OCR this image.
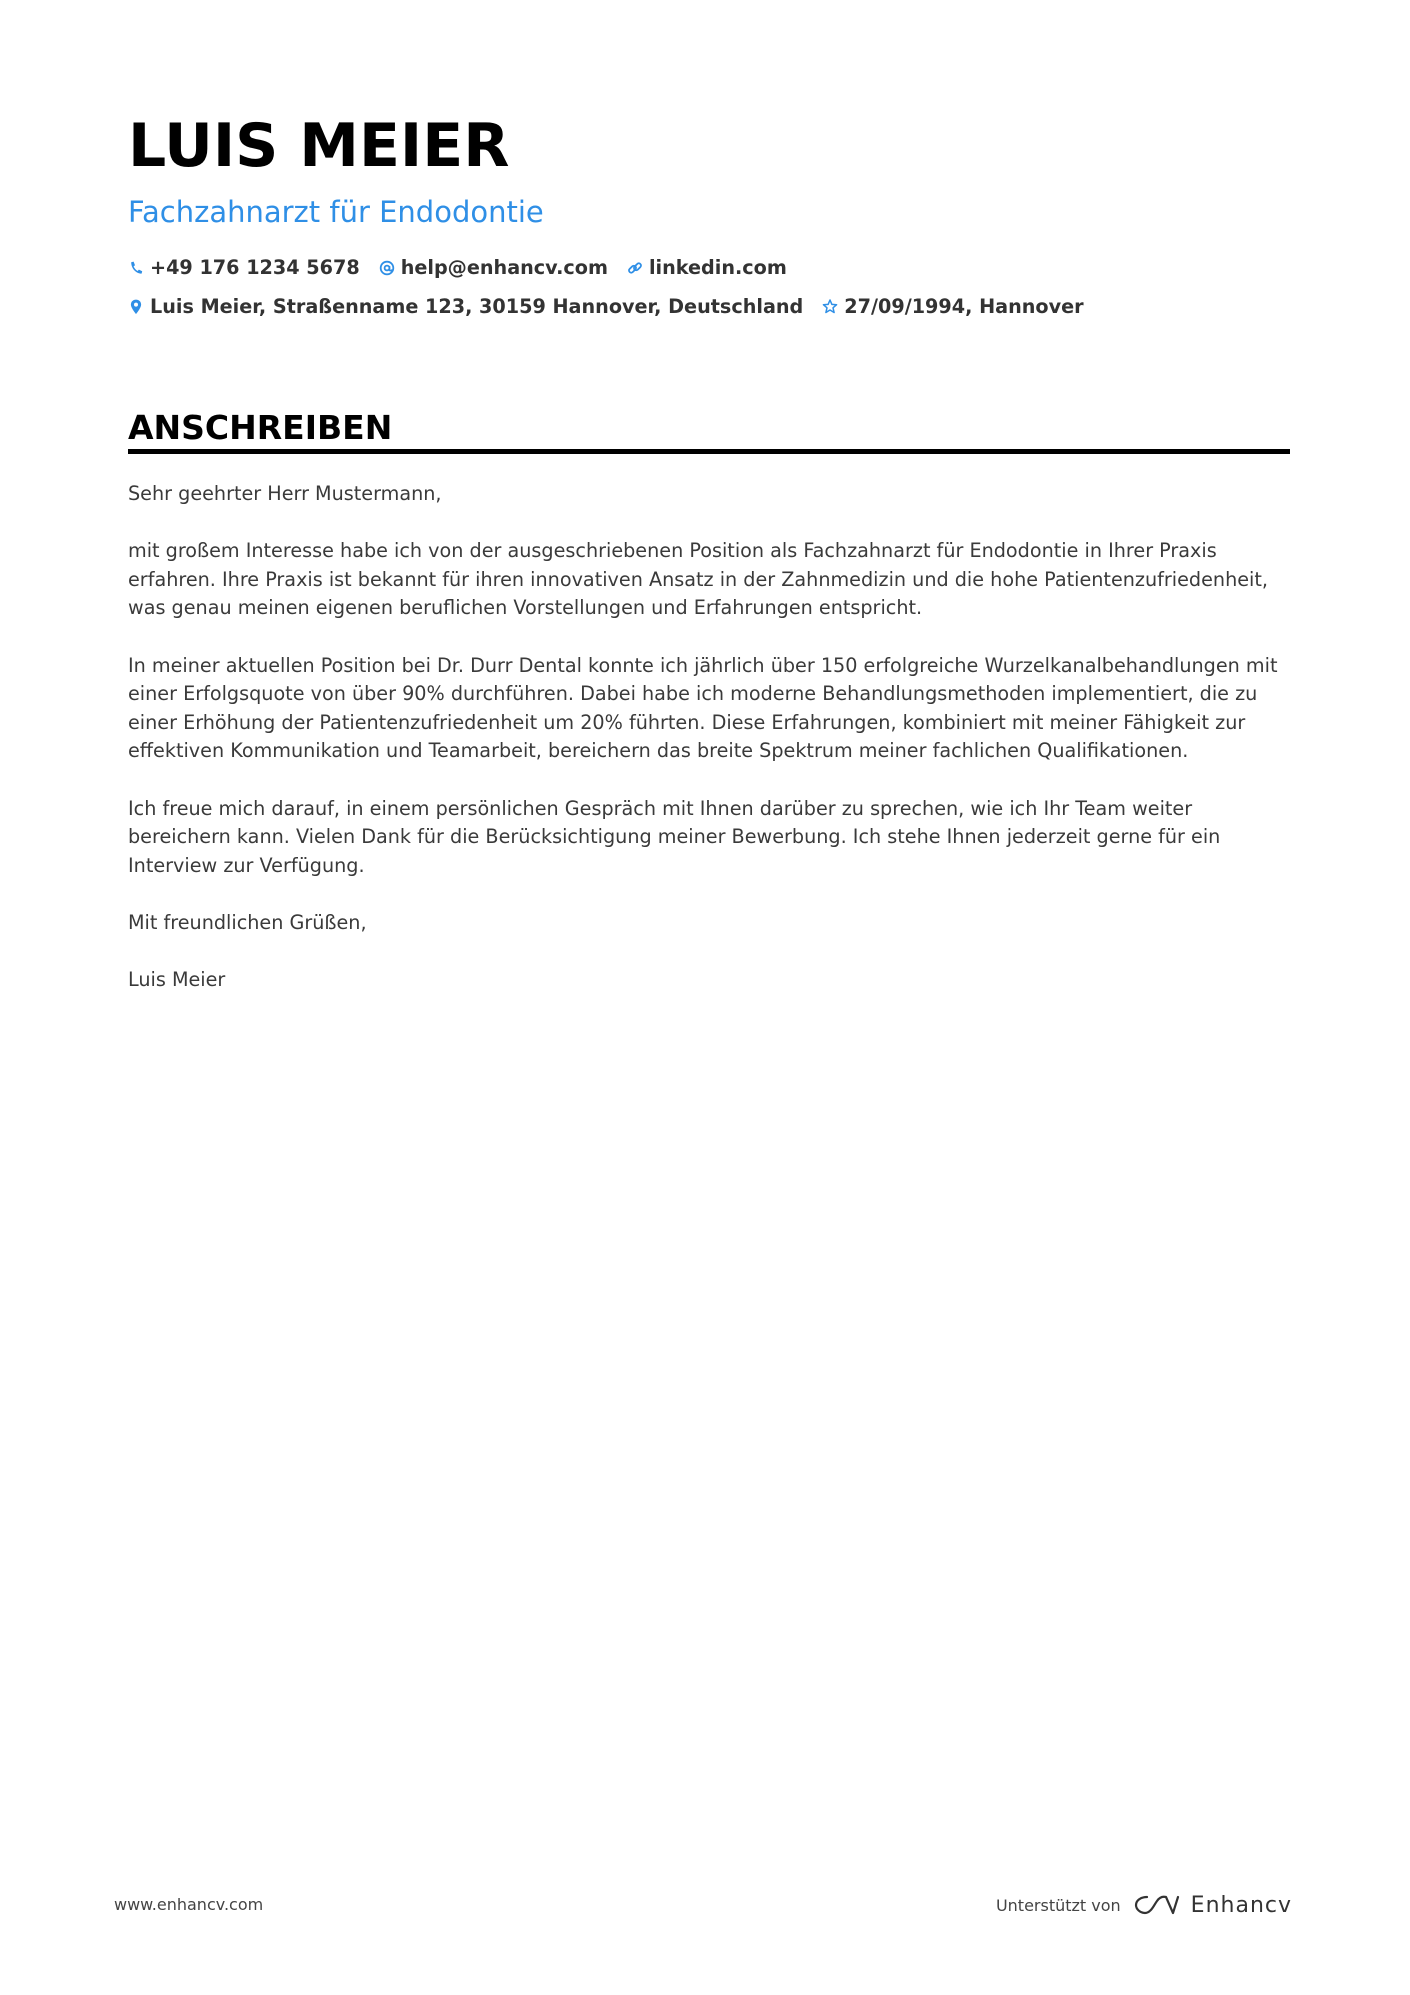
LUIS MEIER
Fachzahnarzt für Endodontie
+49 176 1234 5678 help@enhancv.com linkedin.com
Luis Meier, Straßenname 123, 30159 Hannover, Deutschland 27/09/1994, Hannover
ANSCHREIBEN

Sehr geehrter Herr Mustermann,

mit großem Interesse habe ich von der ausgeschriebenen Position als Fachzahnarzt für Endodontie in Ihrer Praxis erfahren. Ihre Praxis ist bekannt für ihren innovativen Ansatz in der Zahnmedizin und die hohe Patientenzufriedenheit, was genau meinen eigenen beruflichen Vorstellungen und Erfahrungen entspricht.

In meiner aktuellen Position bei Dr. Durr Dental konnte ich jährlich über 150 erfolgreiche Wurzelkanalbehandlungen mit einer Erfolgsquote von über 90% durchführen. Dabei habe ich moderne Behandlungsmethoden implementiert, die zu einer Erhöhung der Patientenzufriedenheit um 20% führten. Diese Erfahrungen, kombiniert mit meiner Fähigkeit zur effektiven Kommunikation und Teamarbeit, bereichern das breite Spektrum meiner fachlichen Qualifikationen.

Ich freue mich darauf, in einem persönlichen Gespräch mit Ihnen darüber zu sprechen, wie ich Ihr Team weiter bereichern kann. Vielen Dank für die Berücksichtigung meiner Bewerbung. Ich stehe Ihnen jederzeit gerne für ein Interview zur Verfügung.

Mit freundlichen Grüßen,

Luis Meier

www.enhancv.com	Unterstützt von	Enhancv
